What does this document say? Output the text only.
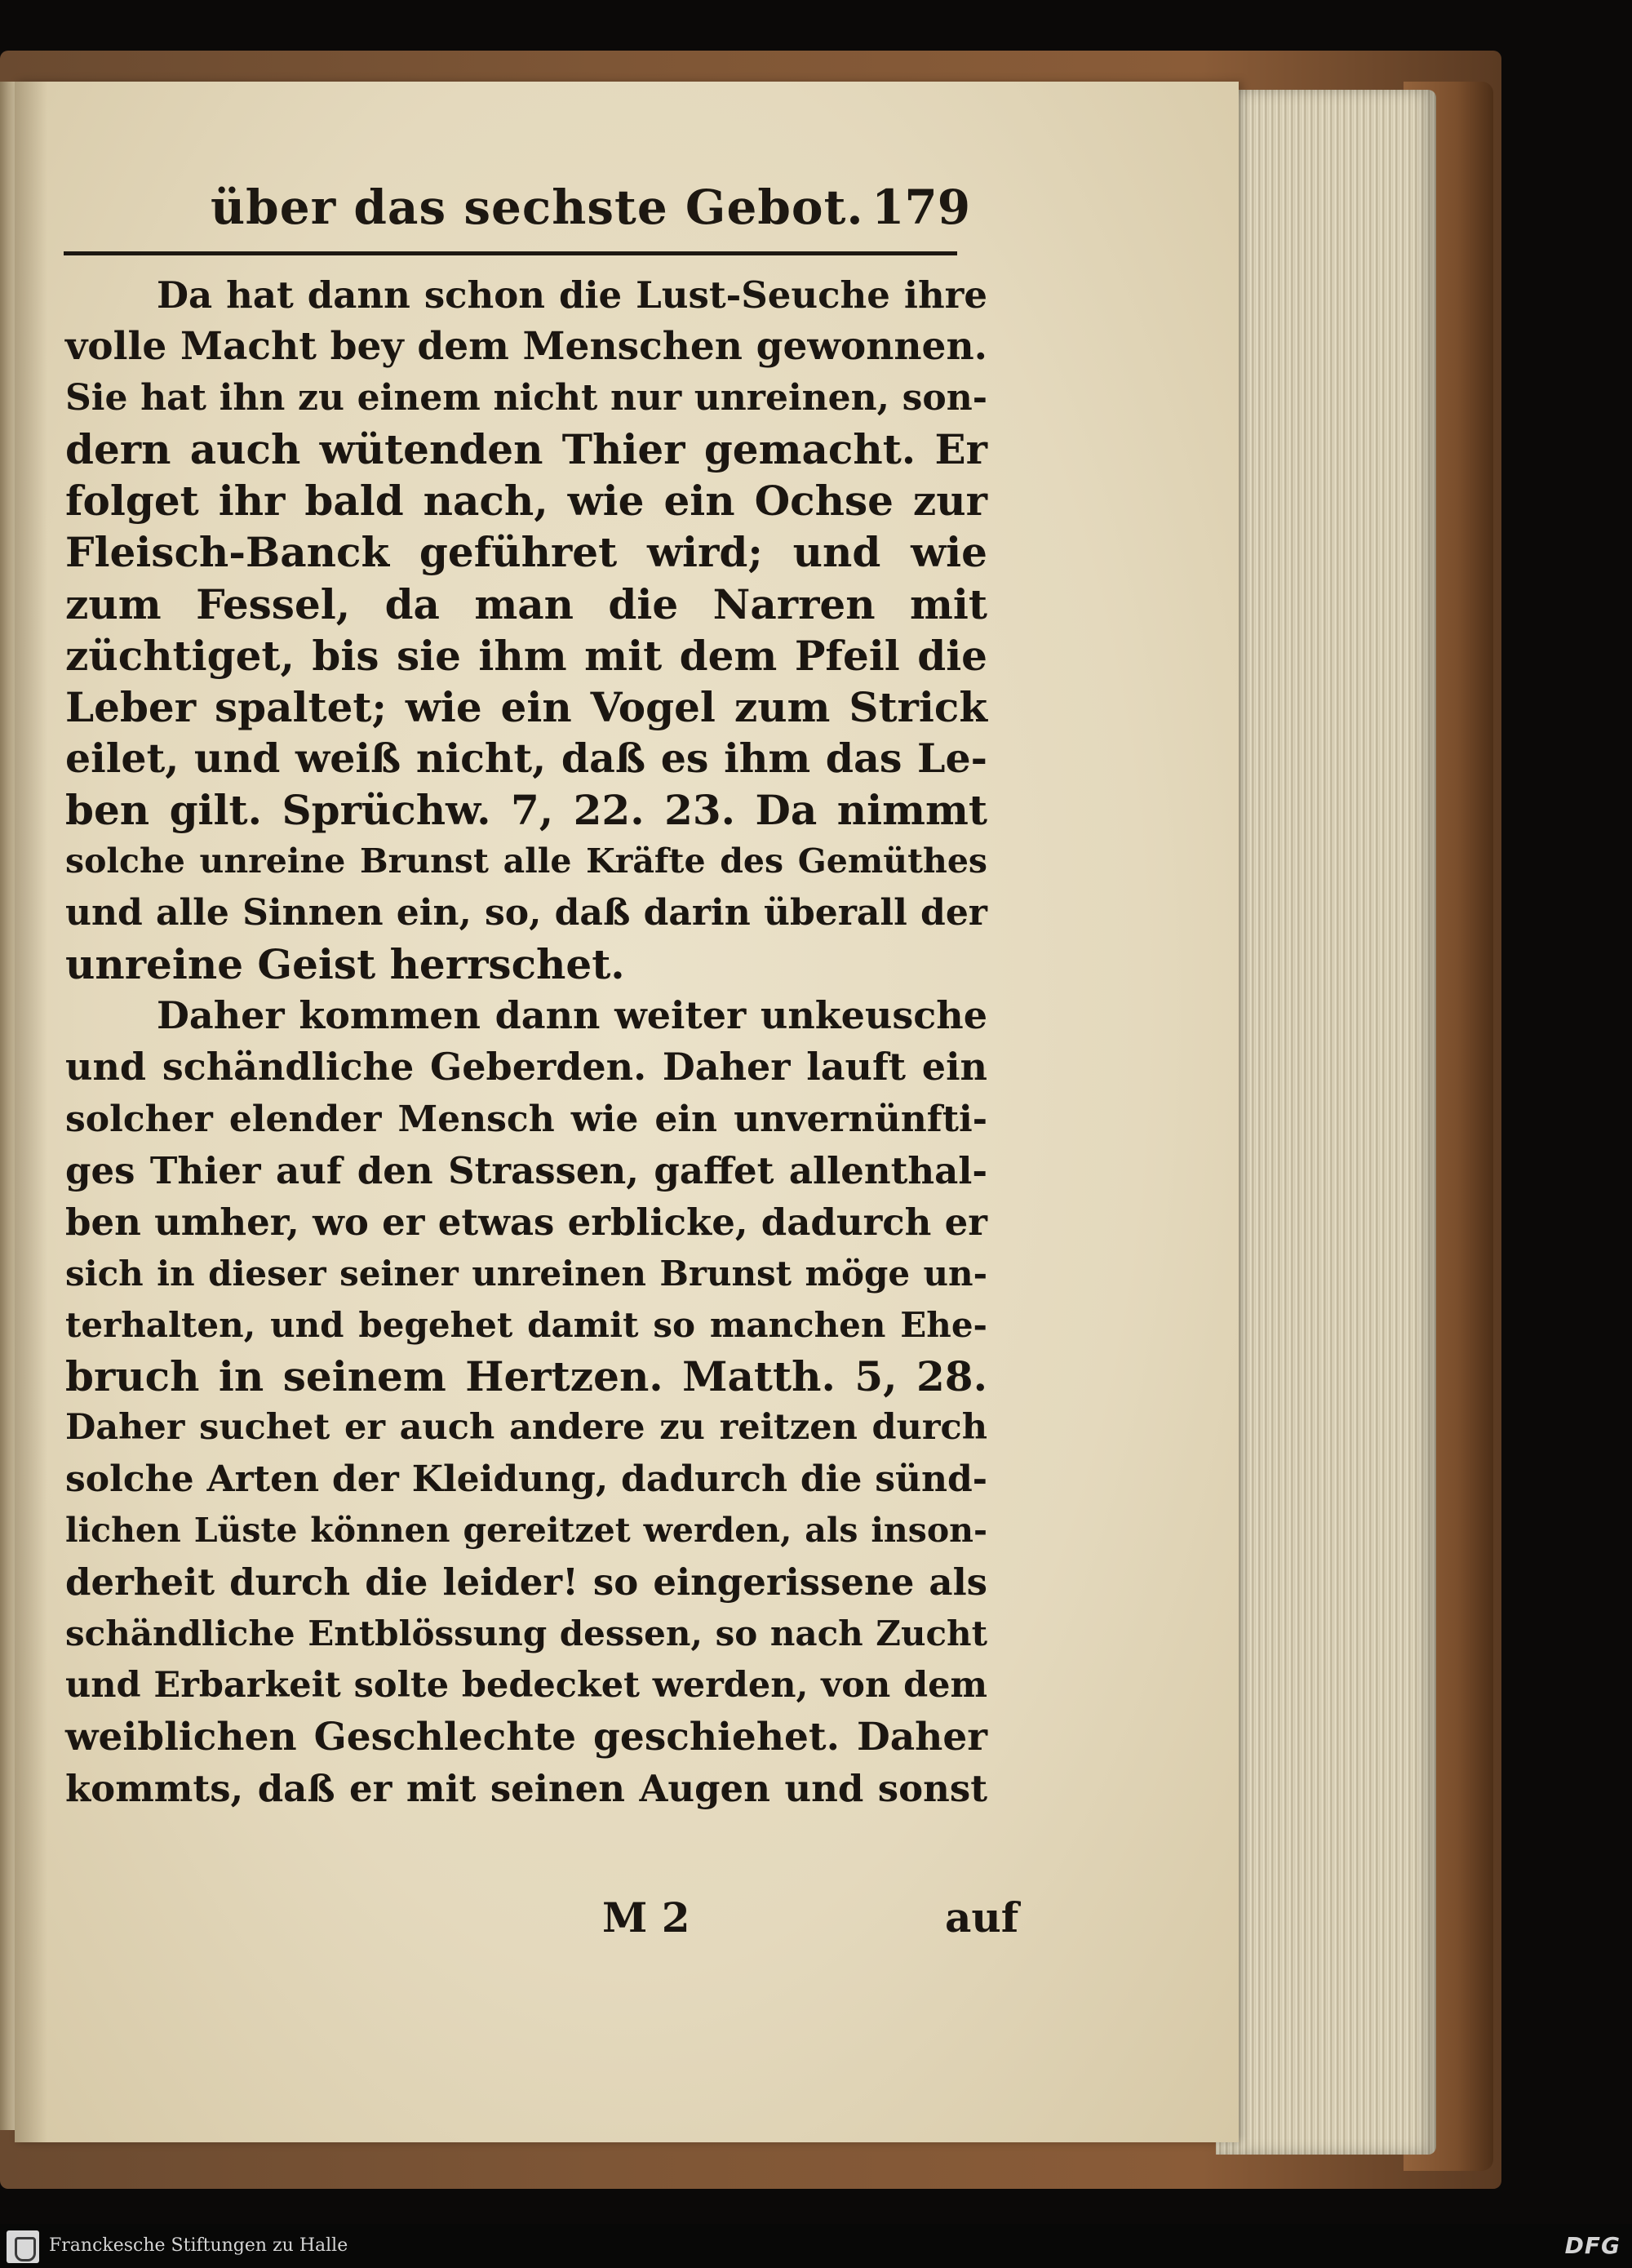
über das sechste Gebot. 179
Da hat dann schon die Lust-Seuche ihre
volle Macht bey dem Menschen gewonnen.
Sie hat ihn zu einem nicht nur unreinen, son-
dern auch wütenden Thier gemacht. Er
folget ihr bald nach, wie ein Ochse zur
Fleisch-Banck geführet wird; und wie
zum Fessel, da man die Narren mit
züchtiget, bis sie ihm mit dem Pfeil die
Leber spaltet; wie ein Vogel zum Strick
eilet, und weiß nicht, daß es ihm das Le-
ben gilt. Sprüchw. 7, 22. 23. Da nimmt
solche unreine Brunst alle Kräfte des Gemüthes
und alle Sinnen ein, so, daß darin überall der
unreine Geist herrschet.
Daher kommen dann weiter unkeusche
und schändliche Geberden. Daher lauft ein
solcher elender Mensch wie ein unvernünfti-
ges Thier auf den Strassen, gaffet allenthal-
ben umher, wo er etwas erblicke, dadurch er
sich in dieser seiner unreinen Brunst möge un-
terhalten, und begehet damit so manchen Ehe-
bruch in seinem Hertzen. Matth. 5, 28.
Daher suchet er auch andere zu reitzen durch
solche Arten der Kleidung, dadurch die sünd-
lichen Lüste können gereitzet werden, als inson-
derheit durch die leider! so eingerissene als
schändliche Entblössung dessen, so nach Zucht
und Erbarkeit solte bedecket werden, von dem
weiblichen Geschlechte geschiehet. Daher
kommts, daß er mit seinen Augen und sonst
M 2	auf
Franckesche Stiftungen zu Halle	DFG
